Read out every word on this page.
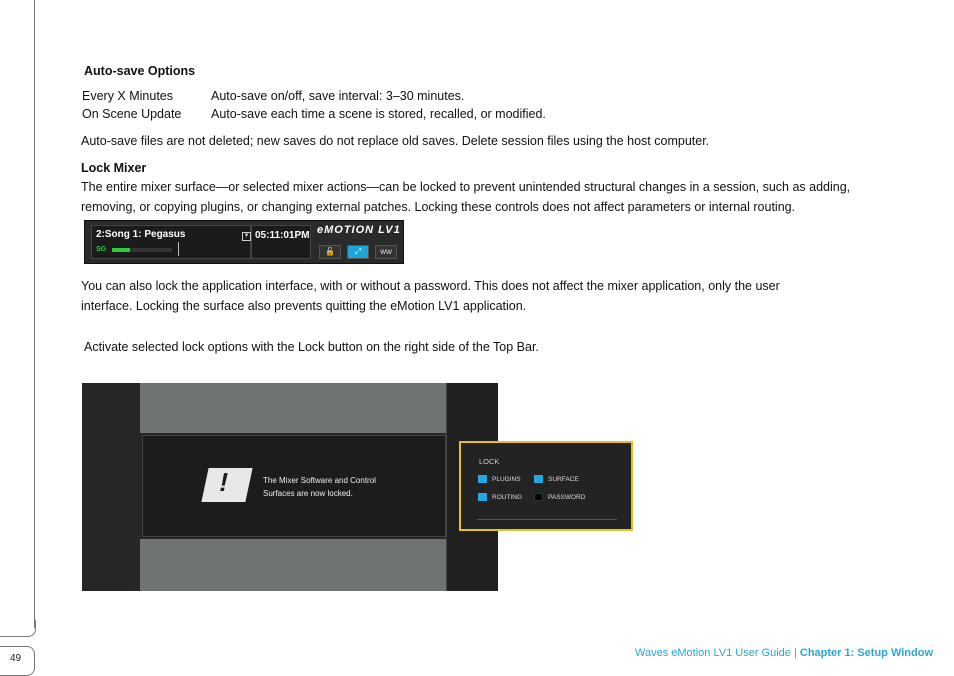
49
Auto-save Options
Every X Minutes	Auto-save on/off, save interval: 3–30 minutes.
On Scene Update Auto-save each time a scene is stored, recalled, or modified.
Auto-save files are not deleted; new saves do not replace old saves. Delete session files using the host computer.
Lock Mixer
The entire mixer surface—or selected mixer actions—can be locked to prevent unintended structural changes in a session, such as adding,
removing, or copying plugins, or changing external patches. Locking these controls does not affect parameters or internal routing.
2:Song 1: Pegasus	▼
SG
05:11:01PM eMOTION LV1
🔓	⤢	ᴡᴡ
You can also lock the application interface, with or without a password. This does not affect the mixer application, only the user
interface. Locking the surface also prevents quitting the eMotion LV1 application.
Activate selected lock options with the Lock button on the right side of the Top Bar.
!	The Mixer Software and Control
Surfaces are now locked.
LOCK
PLUGINS	SURFACE
ROUTING	PASSWORD
Waves eMotion LV1 User Guide | Chapter 1: Setup Window
